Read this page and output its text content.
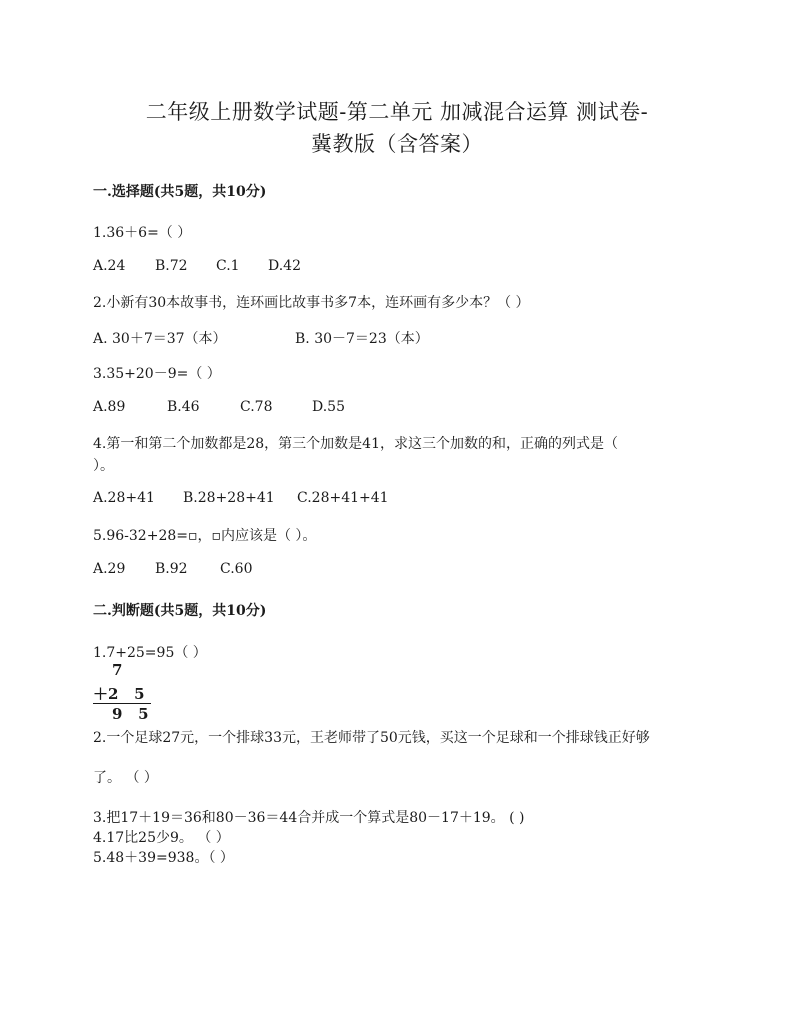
二年级上册数学试题-第二单元 加减混合运算 测试卷-
冀教版（含答案）
一.选择题(共5题，共10分)
1.36＋6=（ ）
A.24 B.72 C.1 D.42
2.小新有30本故事书，连环画比故事书多7本，连环画有多少本？（ ）
A. 30＋7＝37（本）	B. 30－7＝23（本）
3.35+20－9=（ ）
A.89	B.46	C.78	D.55
4.第一和第二个加数都是28，第三个加数是41，求这三个加数的和，正确的列式是（
）。
A.28+41 B.28+28+41 C.28+41+41
5.96-32+28=▫，▫内应该是（ ）。
A.29 B.92 C.60
二.判断题(共5题，共10分)
1.7+25=95（ ）
7
＋2   5
9   5
2.一个足球27元，一个排球33元，王老师带了50元钱，买这一个足球和一个排球钱正好够
了。 （ ）
3.把17＋19＝36和80－36＝44合并成一个算式是80－17＋19。 ( )
4.17比25少9。 （ ）
5.48＋39=938。（ ）
